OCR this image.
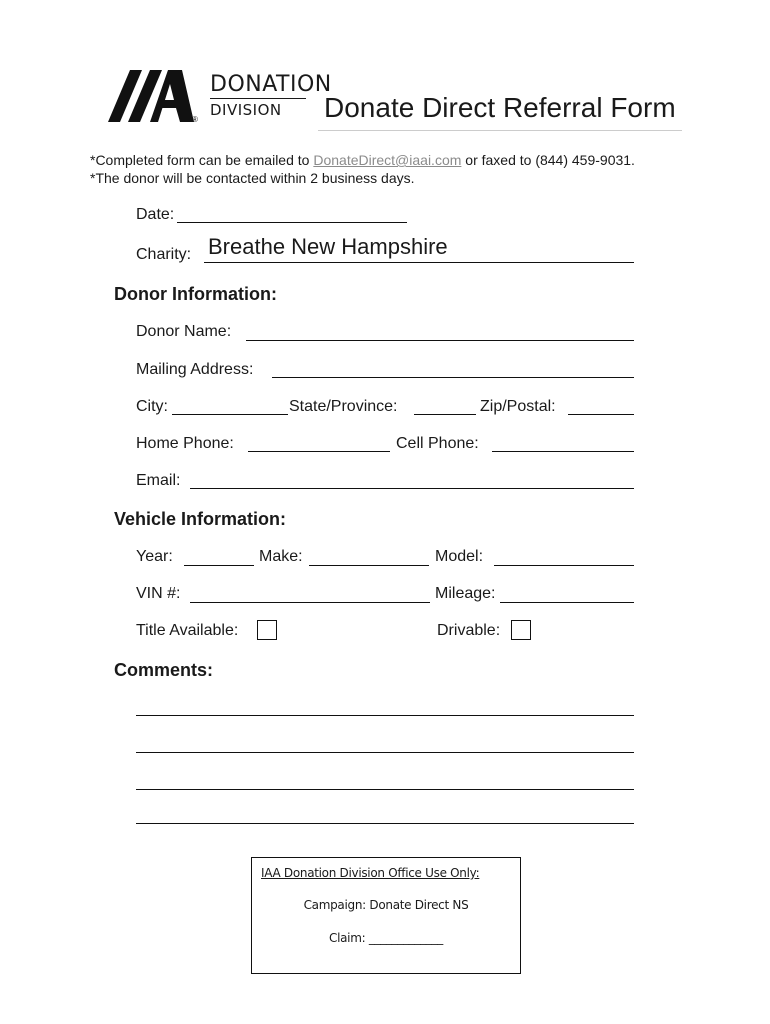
®
DONATION
DIVISION Donate Direct Referral Form
*Completed form can be emailed to DonateDirect@iaai.com or faxed to (844) 459-9031.
*The donor will be contacted within 2 business days.
Date:
Charity: Breathe New Hampshire
Donor Information:
Donor Name:
Mailing Address:
City:	State/Province:	Zip/Postal:
Home Phone:	Cell Phone:
Email:
Vehicle Information:
Year:	Make:	Model:
VIN #:	Mileage:
Title Available:	Drivable:
Comments:
IAA Donation Division Office Use Only:
Campaign: Donate Direct NS
Claim: _____________
